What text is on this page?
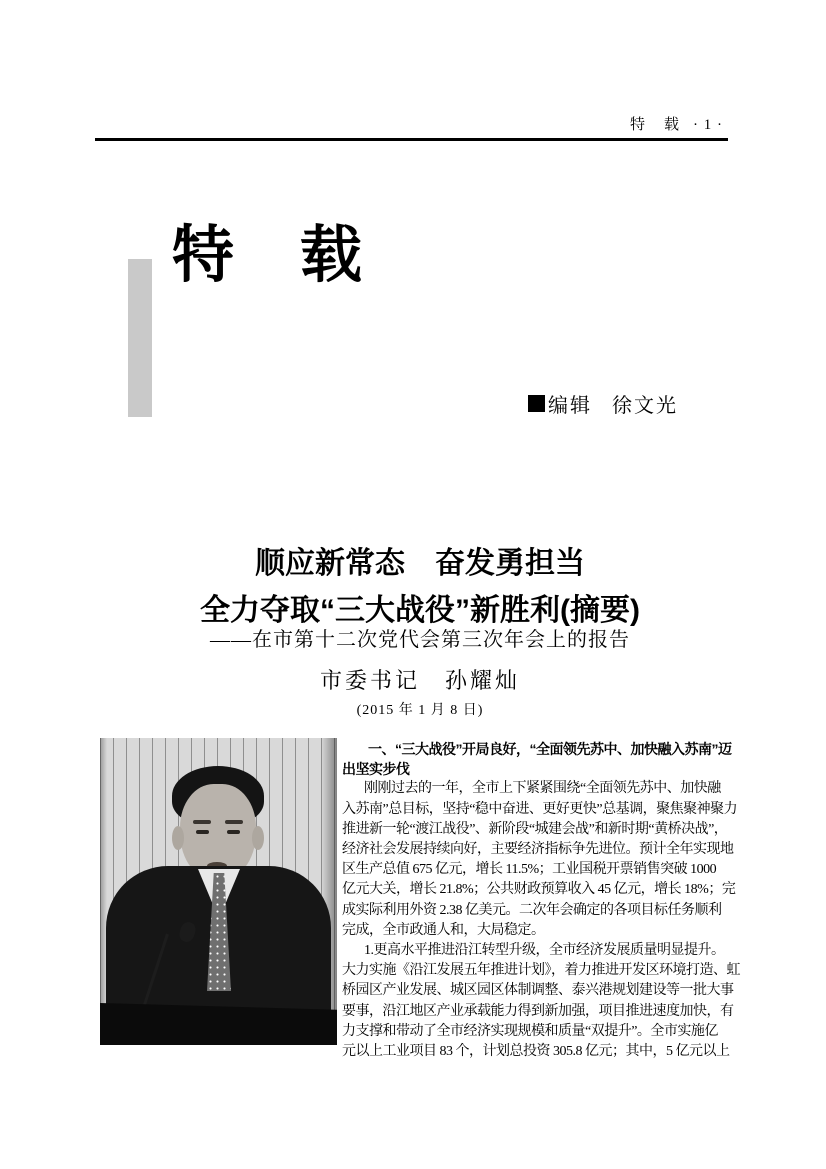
特　载 · 1 ·
特　载
编辑 徐文光
顺应新常态　奋发勇担当
全力夺取“三大战役”新胜利(摘要)
——在市第十二次党代会第三次年会上的报告
市委书记　孙耀灿
(2015 年 1 月 8 日)
一、“三大战役”开局良好，“全面领先苏中、加快融入苏南”迈
出坚实步伐
刚刚过去的一年，全市上下紧紧围绕“全面领先苏中、加快融
入苏南”总目标，坚持“稳中奋进、更好更快”总基调，聚焦聚神聚力
推进新一轮“渡江战役”、新阶段“城建会战”和新时期“黄桥决战”，
经济社会发展持续向好，主要经济指标争先进位。预计全年实现地
区生产总值 675 亿元，增长 11.5%；工业国税开票销售突破 1000
亿元大关，增长 21.8%；公共财政预算收入 45 亿元，增长 18%；完
成实际利用外资 2.38 亿美元。二次年会确定的各项目标任务顺利
完成，全市政通人和，大局稳定。
1.更高水平推进沿江转型升级，全市经济发展质量明显提升。
大力实施《沿江发展五年推进计划》，着力推进开发区环境打造、虹
桥园区产业发展、城区园区体制调整、泰兴港规划建设等一批大事
要事，沿江地区产业承载能力得到新加强，项目推进速度加快，有
力支撑和带动了全市经济实现规模和质量“双提升”。全市实施亿
元以上工业项目 83 个，计划总投资 305.8 亿元；其中，5 亿元以上
